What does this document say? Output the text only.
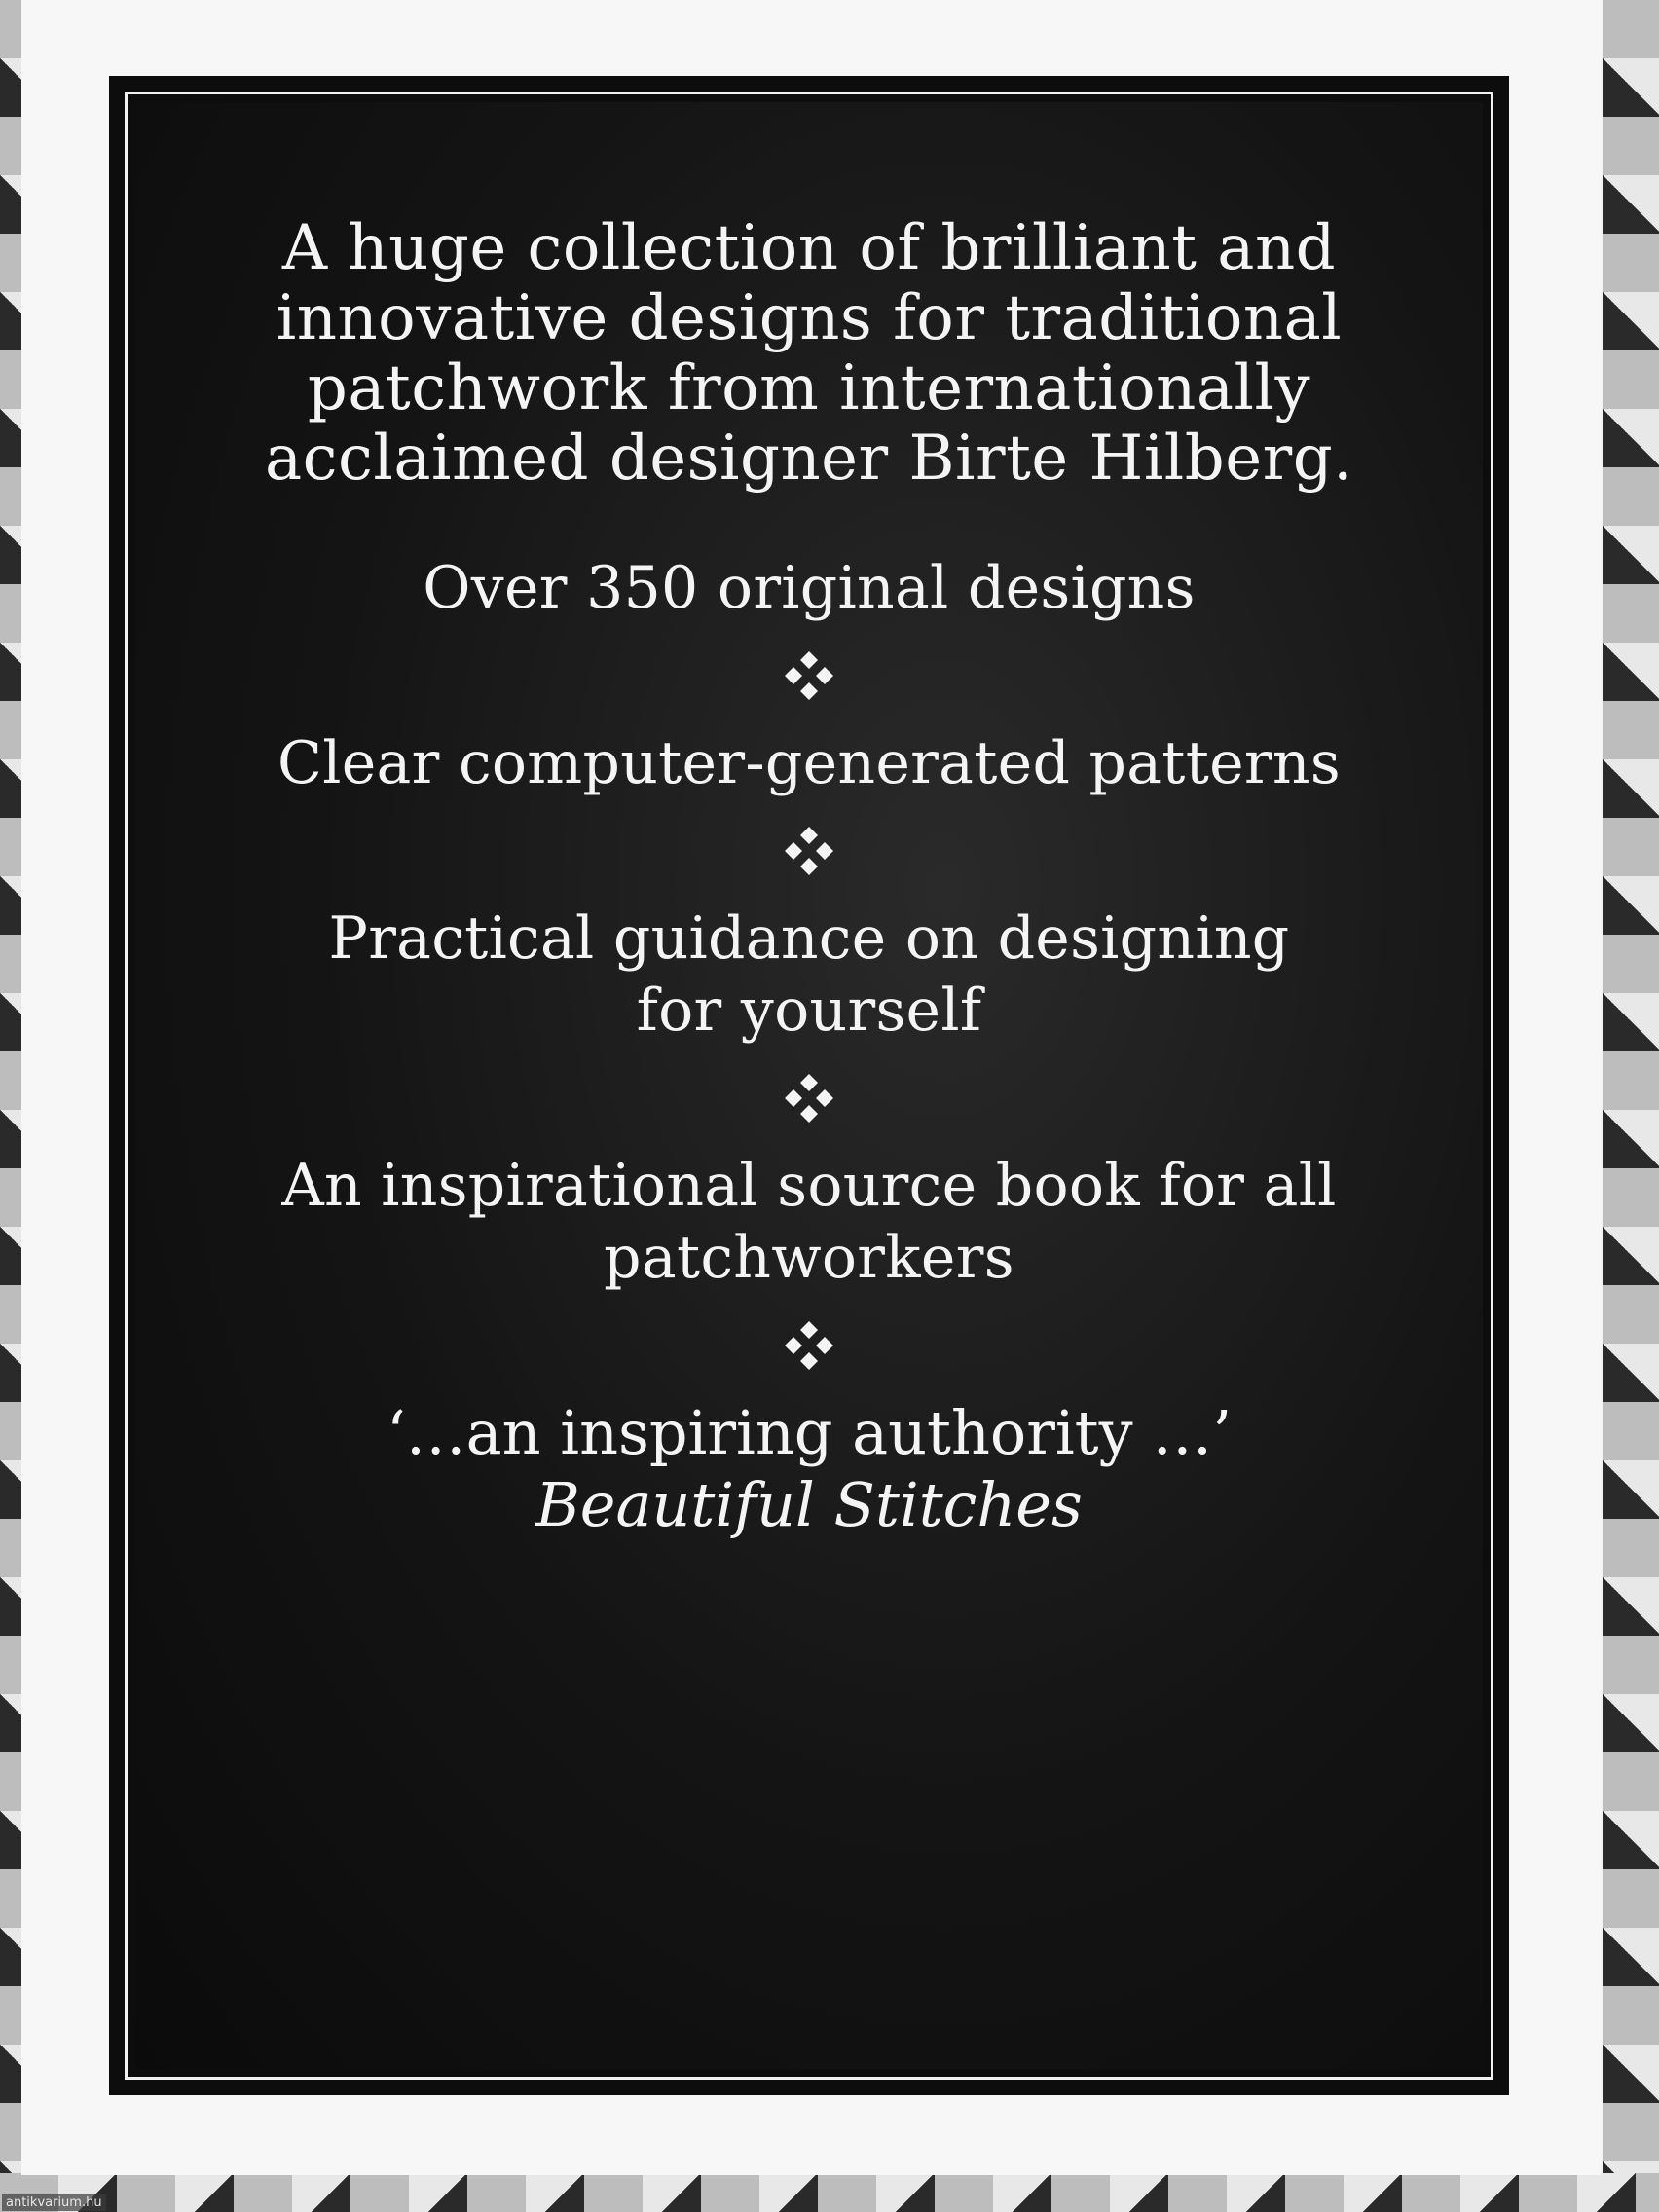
A huge collection of brilliant and innovative designs for traditional patchwork from internationally acclaimed designer Birte Hilberg.
Over 350 original designs
Clear computer-generated patterns
Practical guidance on designing for yourself
An inspirational source book for all patchworkers
‘…an inspiring authority …’
Beautiful Stitches
antikvarium.hu
